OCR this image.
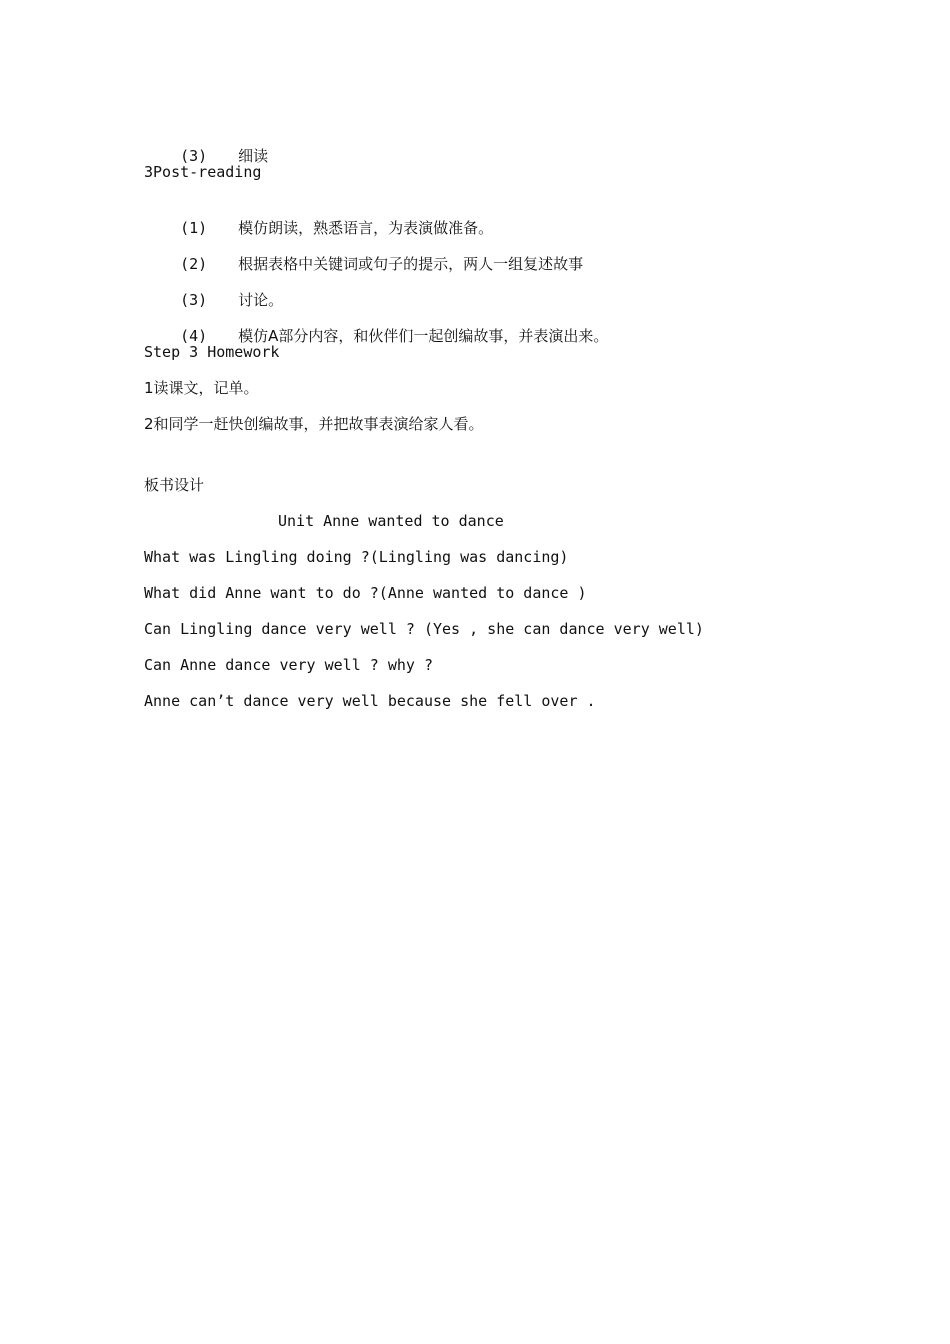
(3) 细读

3Post-reading

(1) 模仿朗读，熟悉语言，为表演做准备。

(2) 根据表格中关键词或句子的提示，两人一组复述故事

(3) 讨论。

(4) 模仿A部分内容，和伙伴们一起创编故事，并表演出来。

Step 3 Homework
1读课文，记单。
2和同学一赶快创编故事，并把故事表演给家人看。
板书设计
Unit Anne wanted to dance
What was Lingling doing ?(Lingling was dancing)
What did Anne want to do ?(Anne wanted to dance )
Can Lingling dance very well ? (Yes , she can dance very well)
Can Anne dance very well ? why ?
Anne can’t dance very well because she fell over .
